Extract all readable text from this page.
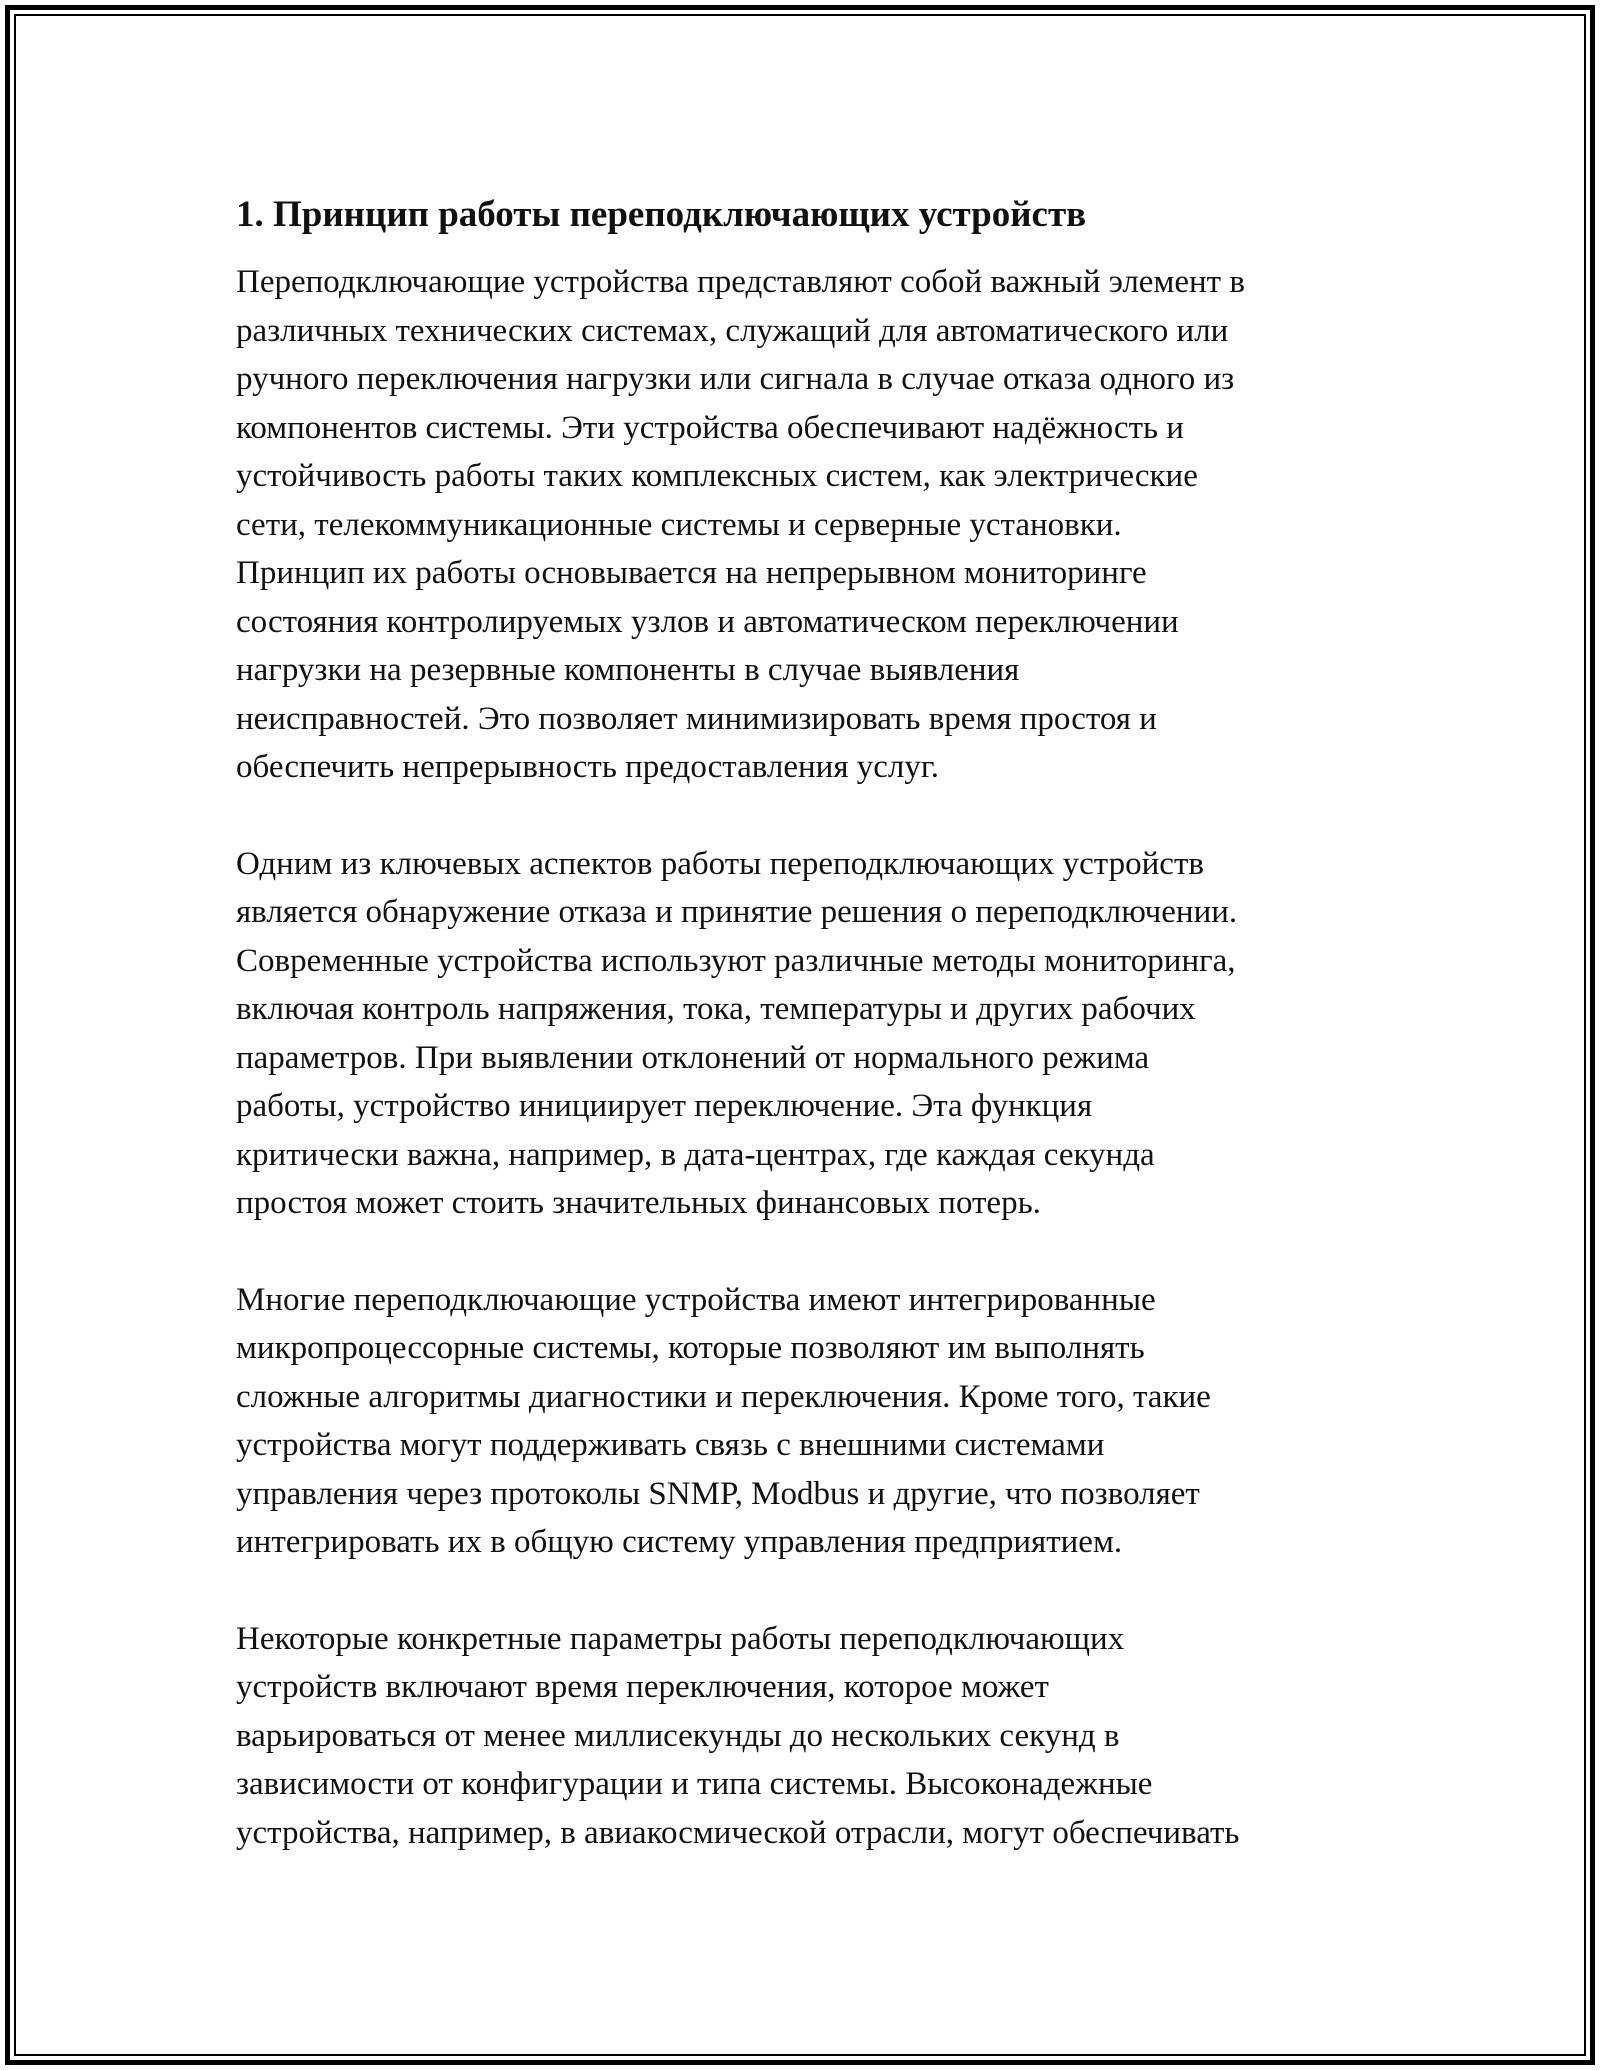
1. Принцип работы переподключающих устройств

Переподключающие устройства представляют собой важный элемент в
различных технических системах, служащий для автоматического или
ручного переключения нагрузки или сигнала в случае отказа одного из
компонентов системы. Эти устройства обеспечивают надёжность и
устойчивость работы таких комплексных систем, как электрические
сети, телекоммуникационные системы и серверные установки.
Принцип их работы основывается на непрерывном мониторинге
состояния контролируемых узлов и автоматическом переключении
нагрузки на резервные компоненты в случае выявления
неисправностей. Это позволяет минимизировать время простоя и
обеспечить непрерывность предоставления услуг.

Одним из ключевых аспектов работы переподключающих устройств
является обнаружение отказа и принятие решения о переподключении.
Современные устройства используют различные методы мониторинга,
включая контроль напряжения, тока, температуры и других рабочих
параметров. При выявлении отклонений от нормального режима
работы, устройство инициирует переключение. Эта функция
критически важна, например, в дата-центрах, где каждая секунда
простоя может стоить значительных финансовых потерь.

Многие переподключающие устройства имеют интегрированные
микропроцессорные системы, которые позволяют им выполнять
сложные алгоритмы диагностики и переключения. Кроме того, такие
устройства могут поддерживать связь с внешними системами
управления через протоколы SNMP, Modbus и другие, что позволяет
интегрировать их в общую систему управления предприятием.

Некоторые конкретные параметры работы переподключающих
устройств включают время переключения, которое может
варьироваться от менее миллисекунды до нескольких секунд в
зависимости от конфигурации и типа системы. Высоконадежные
устройства, например, в авиакосмической отрасли, могут обеспечивать
